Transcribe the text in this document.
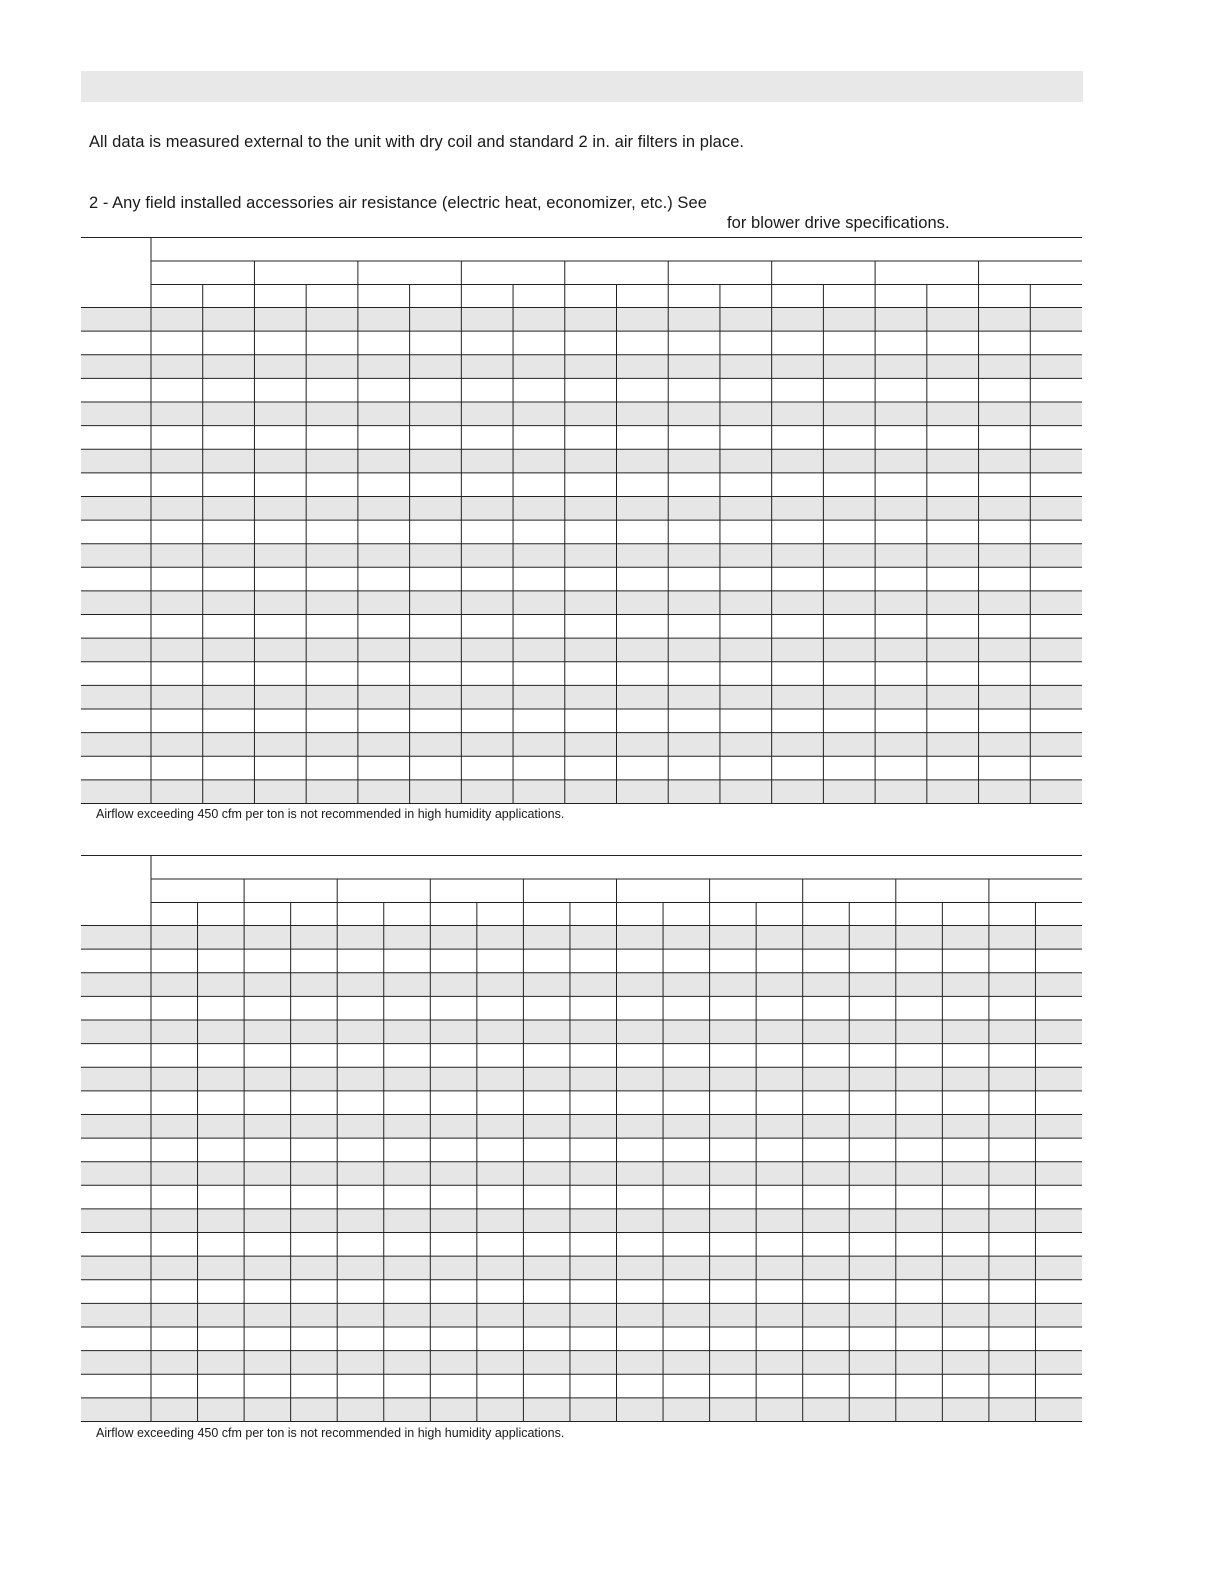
All data is measured external to the unit with dry coil and standard 2 in. air filters in place.
2 - Any field installed accessories air resistance (electric heat, economizer, etc.) See
for blower drive specifications.
Airflow exceeding 450 cfm per ton is not recommended in high humidity applications.
Airflow exceeding 450 cfm per ton is not recommended in high humidity applications.
